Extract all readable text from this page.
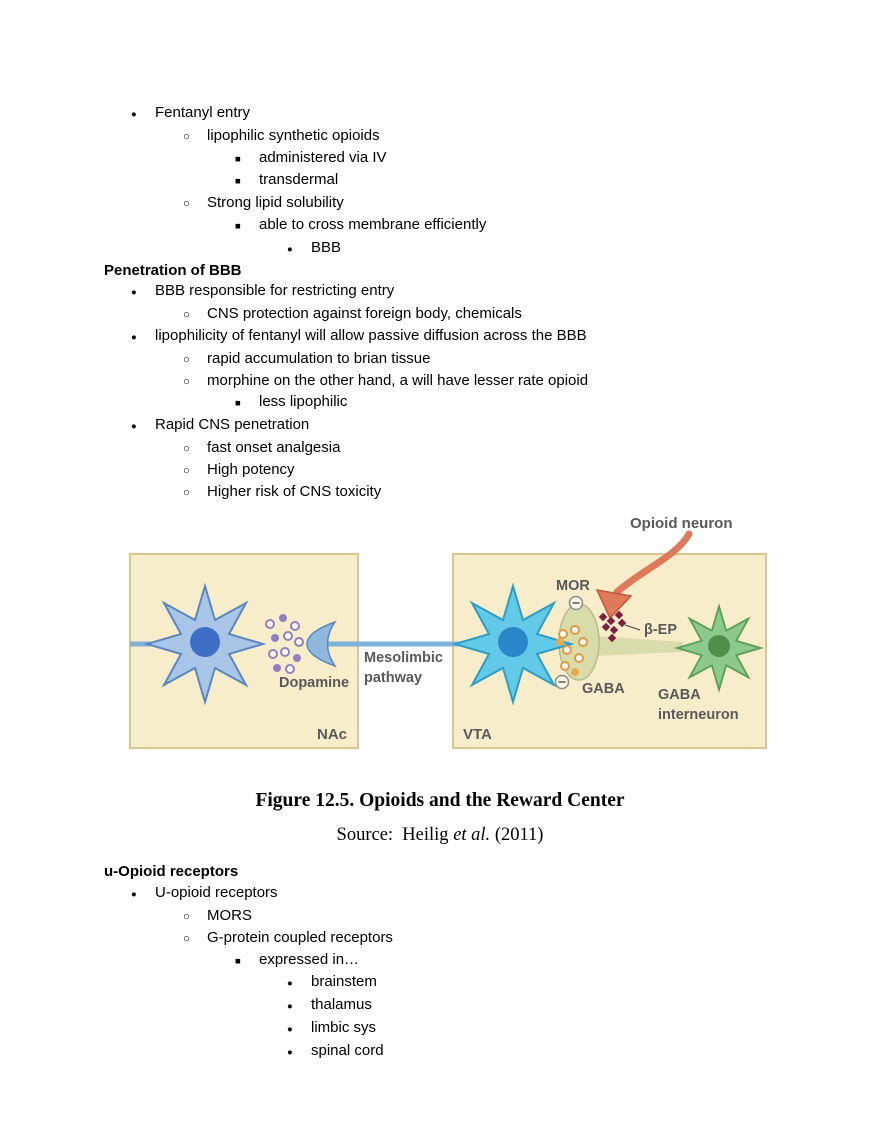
●
Fentanyl entry
○
lipophilic synthetic opioids
■
administered via IV
■
transdermal
○
Strong lipid solubility
■
able to cross membrane efficiently
●
BBB
Penetration of BBB
●
BBB responsible for restricting entry
○
CNS protection against foreign body, chemicals
●
lipophilicity of fentanyl will allow passive diffusion across the BBB
○
rapid accumulation to brian tissue
○
morphine on the other hand, a will have lesser rate opioid
■
less lipophilic
●
Rapid CNS penetration
○
fast onset analgesia
○
High potency
○
Higher risk of CNS toxicity
Opioid neuron
MOR
β-EP
GABA GABA
interneuron
Mesolimbic
pathway
Dopamine
NAc	VTA

Figure 12.5. Opioids and the Reward Center

Source:  Heilig et al. (2011)

u-Opioid receptors
●
U-opioid receptors
○
MORS
○
G-protein coupled receptors
■
expressed in…
●
brainstem
●
thalamus
●
limbic sys
●
spinal cord
